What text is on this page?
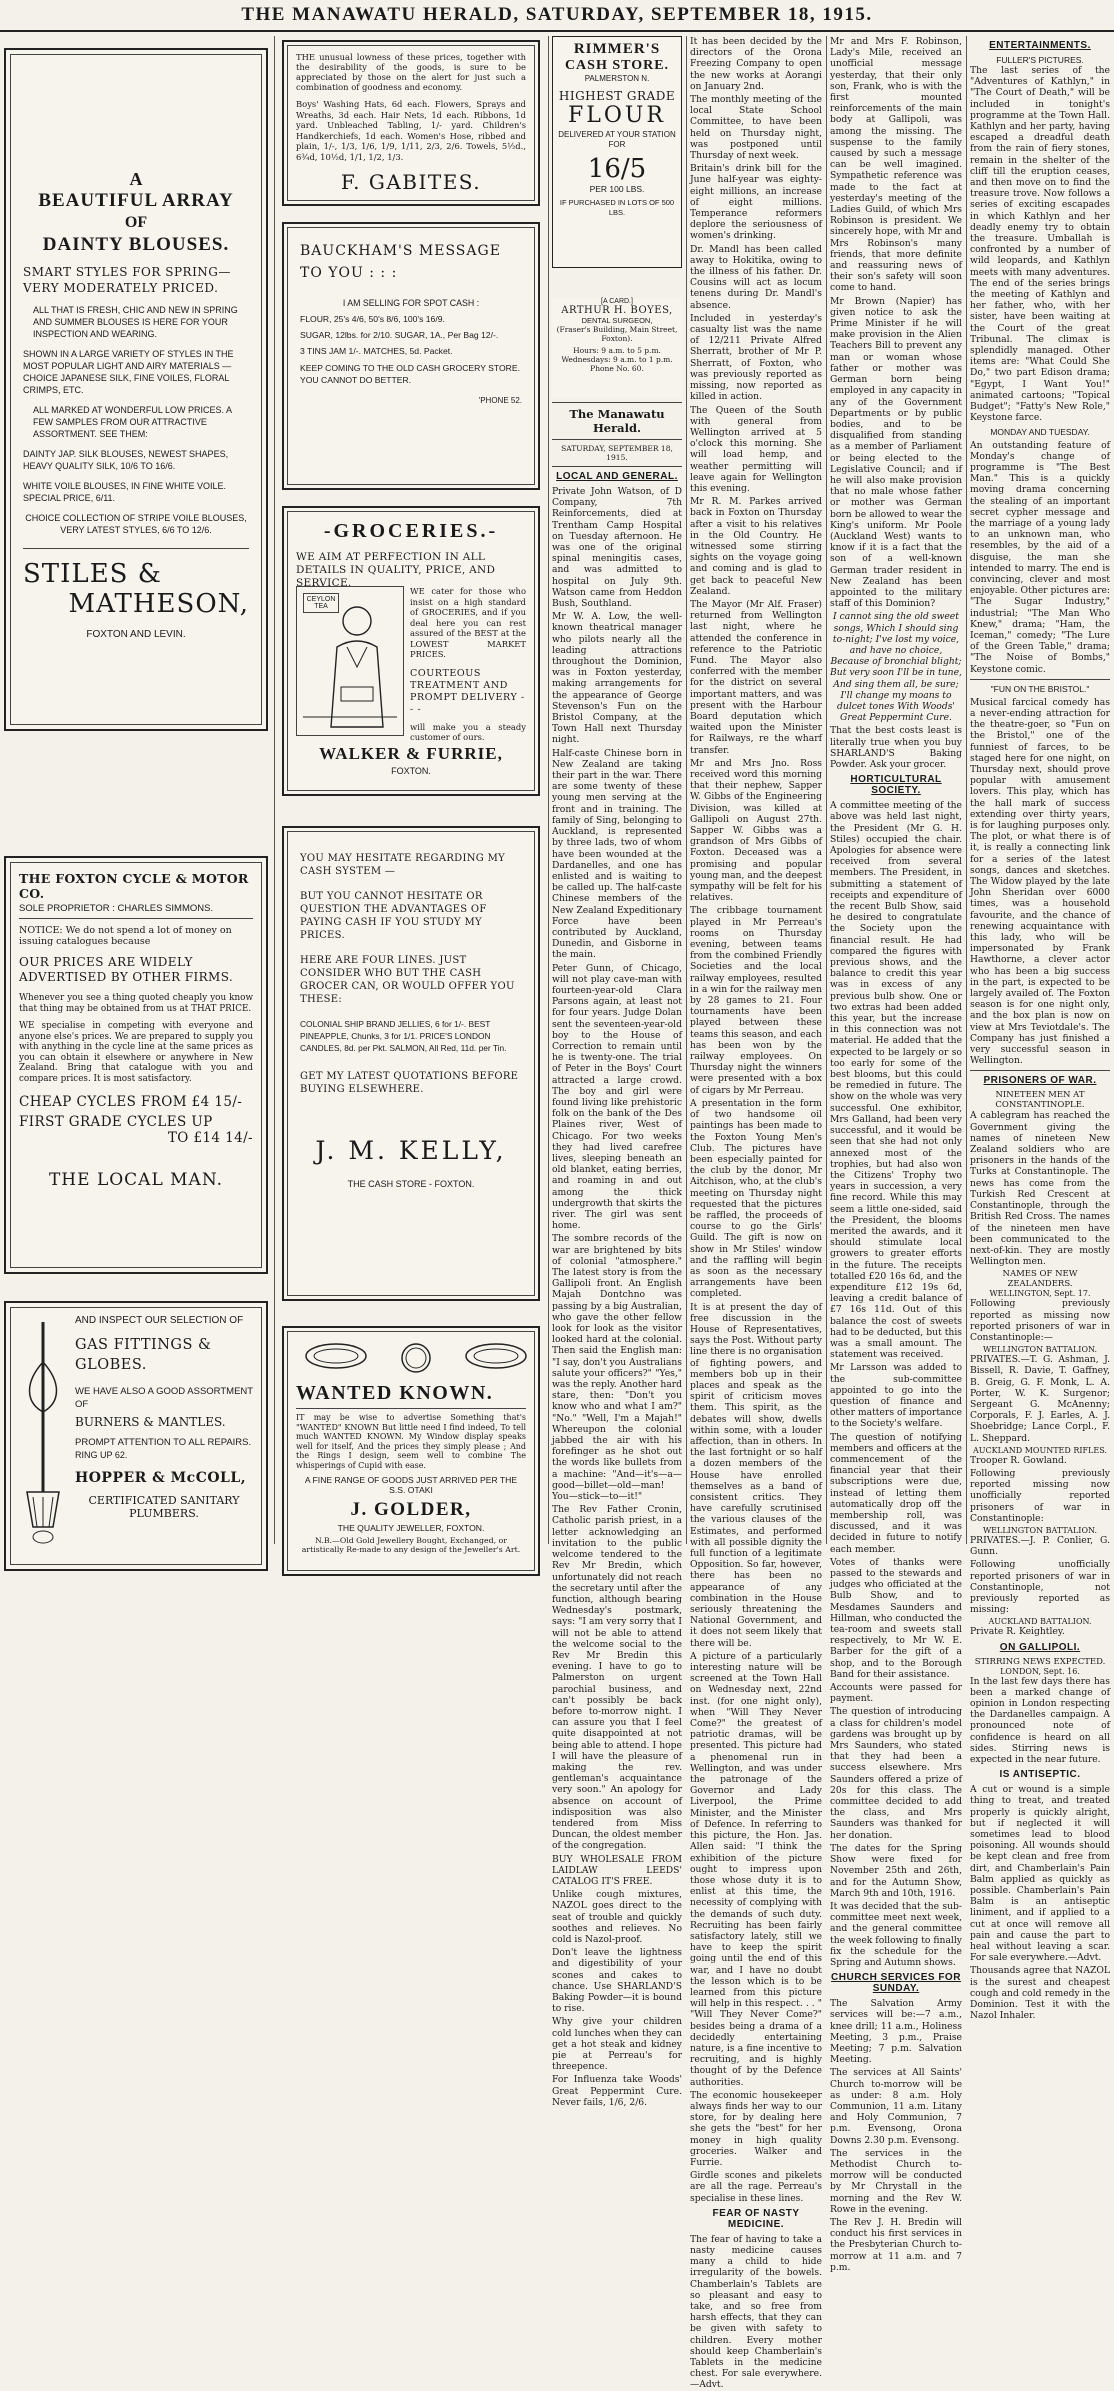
THE MANAWATU HERALD, SATURDAY, SEPTEMBER 18, 1915.
A
BEAUTIFUL ARRAY
OF
DAINTY BLOUSES.

SMART STYLES FOR SPRING— VERY MODERATELY PRICED.

ALL THAT IS FRESH, CHIC AND NEW IN SPRING AND SUMMER BLOUSES IS HERE FOR YOUR INSPECTION AND WEARING.

SHOWN IN A LARGE VARIETY OF STYLES IN THE MOST POPULAR LIGHT AND AIRY MATERIALS — CHOICE JAPANESE SILK, FINE VOILES, FLORAL CRIMPS, ETC.

ALL MARKED AT WONDERFUL LOW PRICES. A FEW SAMPLES FROM OUR ATTRACTIVE ASSORTMENT. SEE THEM:

DAINTY JAP. SILK BLOUSES, NEWEST SHAPES, HEAVY QUALITY SILK, 10/6 TO 16/6.

WHITE VOILE BLOUSES, IN FINE WHITE VOILE. SPECIAL PRICE, 6/11.

CHOICE COLLECTION OF STRIPE VOILE BLOUSES, VERY LATEST STYLES, 6/6 TO 12/6.

STILES &
MATHESON,
FOXTON AND LEVIN.
THE FOXTON CYCLE & MOTOR CO.
SOLE PROPRIETOR : CHARLES SIMMONS.

NOTICE: We do not spend a lot of money on issuing catalogues because

OUR PRICES ARE WIDELY ADVERTISED BY OTHER FIRMS.

Whenever you see a thing quoted cheaply you know that thing may be obtained from us at THAT PRICE.

WE specialise in competing with everyone and anyone else's prices. We are prepared to supply you with anything in the cycle line at the same prices as you can obtain it elsewhere or anywhere in New Zealand. Bring that catalogue with you and compare prices. It is most satisfactory.

CHEAP CYCLES FROM £4 15/-
FIRST GRADE CYCLES UP
TO £14 14/-
THE LOCAL MAN.
AND INSPECT OUR SELECTION OF
GAS FITTINGS & GLOBES.
WE HAVE ALSO A GOOD ASSORTMENT OF
BURNERS & MANTLES.
PROMPT ATTENTION TO ALL REPAIRS.
RING UP 62.
HOPPER & McCOLL,
CERTIFICATED SANITARY PLUMBERS.

THE unusual lowness of these prices, together with the desirability of the goods, is sure to be appreciated by those on the alert for just such a combination of goodness and economy.

Boys' Washing Hats, 6d each. Flowers, Sprays and Wreaths, 3d each. Hair Nets, 1d each. Ribbons, 1d yard. Unbleached Tabling, 1/- yard. Children's Handkerchiefs, 1d each. Women's Hose, ribbed and plain, 1/-, 1/3, 1/6, 1/9, 1/11, 2/3, 2/6. Towels, 5½d., 6¾d, 10½d, 1/1, 1/2, 1/3.

F. GABITES.
BAUCKHAM'S MESSAGE TO YOU : : :
I AM SELLING FOR SPOT CASH :
FLOUR, 25's 4/6, 50's 8/6, 100's 16/9.
SUGAR, 12lbs. for 2/10. SUGAR, 1A., Per Bag 12/-.
3 TINS JAM 1/-. MATCHES, 5d. Packet.
KEEP COMING TO THE OLD CASH GROCERY STORE. YOU CANNOT DO BETTER.
'PHONE 52.
-GROCERIES.-

WE AIM AT PERFECTION IN ALL DETAILS IN QUALITY, PRICE, AND SERVICE.

CEYLON TEA

WE cater for those who insist on a high standard of GROCERIES, and if you deal here you can rest assured of the BEST at the LOWEST MARKET PRICES.

COURTEOUS TREATMENT AND PROMPT DELIVERY - - -

will make you a steady customer of ours.

WALKER & FURRIE,
FOXTON.

YOU MAY HESITATE REGARDING MY CASH SYSTEM —

BUT YOU CANNOT HESITATE OR QUESTION THE ADVANTAGES OF PAYING CASH IF YOU STUDY MY PRICES.

HERE ARE FOUR LINES. JUST CONSIDER WHO BUT THE CASH GROCER CAN, OR WOULD OFFER YOU THESE:

COLONIAL SHIP BRAND JELLIES, 6 for 1/-. BEST PINEAPPLE, Chunks, 3 for 1/1. PRICE'S LONDON CANDLES, 8d. per Pkt. SALMON, All Red, 11d. per Tin.

GET MY LATEST QUOTATIONS BEFORE BUYING ELSEWHERE.

J. M. KELLY,
THE CASH STORE - FOXTON.
WANTED KNOWN.

IT may be wise to advertise Something that's "WANTED" KNOWN But little need I find indeed, To tell much WANTED KNOWN. My Window display speaks well for itself, And the prices they simply please ; And the Rings I design, seem well to combine The whisperings of Cupid with ease.

A FINE RANGE OF GOODS JUST ARRIVED PER THE S.S. OTAKI
J. GOLDER,
THE QUALITY JEWELLER, FOXTON.

N.B.—Old Gold Jewellery Bought, Exchanged, or artistically Re-made to any design of the Jeweller's Art.

RIMMER'S
CASH STORE.
PALMERSTON N.
HIGHEST GRADE
FLOUR
DELIVERED AT YOUR STATION FOR
16/5
PER 100 LBS.
IF PURCHASED IN LOTS OF 500 LBS.
[A CARD.]
ARTHUR H. BOYES,
DENTAL SURGEON,
(Fraser's Building, Main Street, Foxton).
Hours: 9 a.m. to 5 p.m. Wednesdays: 9 a.m. to 1 p.m.
Phone No. 60.
The Manawatu Herald.
SATURDAY, SEPTEMBER 18, 1915.
LOCAL AND GENERAL.

Private John Watson, of D Company, 7th Reinforcements, died at Trentham Camp Hospital on Tuesday afternoon. He was one of the original spinal meningitis cases, and was admitted to hospital on July 9th. Watson came from Heddon Bush, Southland.

Mr W. A. Low, the well-known theatrical manager who pilots nearly all the leading attractions throughout the Dominion, was in Foxton yesterday, making arrangements for the appearance of George Stevenson's Fun on the Bristol Company, at the Town Hall next Thursday night.

Half-caste Chinese born in New Zealand are taking their part in the war. There are some twenty of these young men serving at the front and in training. The family of Sing, belonging to Auckland, is represented by three lads, two of whom have been wounded at the Dardanelles, and one has enlisted and is waiting to be called up. The half-caste Chinese members of the New Zealand Expeditionary Force have been contributed by Auckland, Dunedin, and Gisborne in the main.

Peter Gunn, of Chicago, will not play cave-man with fourteen-year-old Clara Parsons again, at least not for four years. Judge Dolan sent the seventeen-year-old boy to the House of Correction to remain until he is twenty-one. The trial of Peter in the Boys' Court attracted a large crowd. The boy and girl were found living like prehistoric folk on the bank of the Des Plaines river, West of Chicago. For two weeks they had lived carefree lives, sleeping beneath an old blanket, eating berries, and roaming in and out among the thick undergrowth that skirts the river. The girl was sent home.

The sombre records of the war are brightened by bits of colonial "atmosphere." The latest story is from the Gallipoli front. An English Majah Dontchno was passing by a big Australian, who gave the other fellow look for look as the visitor looked hard at the colonial. Then said the English man: "I say, don't you Australians salute your officers?" "Yes," was the reply. Another hard stare, then: "Don't you know who and what I am?" "No." "Well, I'm a Majah!" Whereupon the colonial jabbed the air with his forefinger as he shot out the words like bullets from a machine: "And—it's—a—good—billet—old—man! You—stick—to—it!"

The Rev Father Cronin, Catholic parish priest, in a letter acknowledging an invitation to the public welcome tendered to the Rev Mr Bredin, which unfortunately did not reach the secretary until after the function, although bearing Wednesday's postmark, says: "I am very sorry that I will not be able to attend the welcome social to the Rev Mr Bredin this evening. I have to go to Palmerston on urgent parochial business, and can't possibly be back before to-morrow night. I can assure you that I feel quite disappointed at not being able to attend. I hope I will have the pleasure of making the rev. gentleman's acquaintance very soon." An apology for absence on account of indisposition was also tendered from Miss Duncan, the oldest member of the congregation.

BUY WHOLESALE FROM LAIDLAW LEEDS' CATALOG IT'S FREE.

Unlike cough mixtures, NAZOL goes direct to the seat of trouble and quickly soothes and relieves. No cold is Nazol-proof.

Don't leave the lightness and digestibility of your scones and cakes to chance. Use SHARLAND'S Baking Powder—it is bound to rise.

Why give your children cold lunches when they can get a hot steak and kidney pie at Perreau's for threepence.

For Influenza take Woods' Great Peppermint Cure. Never fails, 1/6, 2/6.

It has been decided by the directors of the Orona Freezing Company to open the new works at Aorangi on January 2nd.

The monthly meeting of the local State School Committee, to have been held on Thursday night, was postponed until Thursday of next week.

Britain's drink bill for the June half-year was eighty-eight millions, an increase of eight millions. Temperance reformers deplore the seriousness of women's drinking.

Dr. Mandl has been called away to Hokitika, owing to the illness of his father. Dr. Cousins will act as locum tenens during Dr. Mandl's absence.

Included in yesterday's casualty list was the name of 12/211 Private Alfred Sherratt, brother of Mr P. Sherratt, of Foxton, who was previously reported as missing, now reported as killed in action.

The Queen of the South with general from Wellington arrived at 5 o'clock this morning. She will load hemp, and weather permitting will leave again for Wellington this evening.

Mr R. M. Parkes arrived back in Foxton on Thursday after a visit to his relatives in the Old Country. He witnessed some stirring sights on the voyage going and coming and is glad to get back to peaceful New Zealand.

The Mayor (Mr Alf. Fraser) returned from Wellington last night, where he attended the conference in reference to the Patriotic Fund. The Mayor also conferred with the member for the district on several important matters, and was present with the Harbour Board deputation which waited upon the Minister for Railways, re the wharf transfer.

Mr and Mrs Jno. Ross received word this morning that their nephew, Sapper W. Gibbs of the Engineering Division, was killed at Gallipoli on August 27th. Sapper W. Gibbs was a grandson of Mrs Gibbs of Foxton. Deceased was a promising and popular young man, and the deepest sympathy will be felt for his relatives.

The cribbage tournament played in Mr Perreau's rooms on Thursday evening, between teams from the combined Friendly Societies and the local railway employees, resulted in a win for the railway men by 28 games to 21. Four tournaments have been played between these teams this season, and each has been won by the railway employees. On Thursday night the winners were presented with a box of cigars by Mr Perreau.

A presentation in the form of two handsome oil paintings has been made to the Foxton Young Men's Club. The pictures have been especially painted for the club by the donor, Mr Aitchison, who, at the club's meeting on Thursday night requested that the pictures be raffled, the proceeds of course to go the Girls' Guild. The gift is now on show in Mr Stiles' window and the raffling will begin as soon as the necessary arrangements have been completed.

It is at present the day of free discussion in the House of Representatives, says the Post. Without party line there is no organisation of fighting powers, and members bob up in their places and speak as the spirit of criticism moves them. This spirit, as the debates will show, dwells within some, with a louder affection, than in others. In the last fortnight or so half a dozen members of the House have enrolled themselves as a band of consistent critics. They have carefully scrutinised the various clauses of the Estimates, and performed with all possible dignity the full function of a legitimate Opposition. So far, however, there has been no appearance of any combination in the House seriously threatening the National Government, and it does not seem likely that there will be.

A picture of a particularly interesting nature will be screened at the Town Hall on Wednesday next, 22nd inst. (for one night only), when "Will They Never Come?" the greatest of patriotic dramas, will be presented. This picture had a phenomenal run in Wellington, and was under the patronage of the Governor and Lady Liverpool, the Prime Minister, and the Minister of Defence. In referring to this picture, the Hon. Jas. Allen said: "I think the exhibition of the picture ought to impress upon those whose duty it is to enlist at this time, the necessity of complying with the demands of such duty. Recruiting has been fairly satisfactory lately, still we have to keep the spirit going until the end of this war, and I have no doubt the lesson which is to be learned from this picture will help in this respect. . . " "Will They Never Come?" besides being a drama of a decidedly entertaining nature, is a fine incentive to recruiting, and is highly thought of by the Defence authorities.

The economic housekeeper always finds her way to our store, for by dealing here she gets the "best" for her money in high quality groceries. Walker and Furrie.

Girdle scones and pikelets are all the rage. Perreau's specialise in these lines.

FEAR OF NASTY MEDICINE.

The fear of having to take a nasty medicine causes many a child to hide irregularity of the bowels. Chamberlain's Tablets are so pleasant and easy to take, and so free from harsh effects, that they can be given with safety to children. Every mother should keep Chamberlain's Tablets in the medicine chest. For sale everywhere.—Advt.

Mr and Mrs F. Robinson, Lady's Mile, received an unofficial message yesterday, that their only son, Frank, who is with the first mounted reinforcements of the main body at Gallipoli, was among the missing. The suspense to the family caused by such a message can be well imagined. Sympathetic reference was made to the fact at yesterday's meeting of the Ladies Guild, of which Mrs Robinson is president. We sincerely hope, with Mr and Mrs Robinson's many friends, that more definite and reassuring news of their son's safety will soon come to hand.

Mr Brown (Napier) has given notice to ask the Prime Minister if he will make provision in the Alien Teachers Bill to prevent any man or woman whose father or mother was German born being employed in any capacity in any of the Government Departments or by public bodies, and to be disqualified from standing as a member of Parliament or being elected to the Legislative Council; and if he will also make provision that no male whose father or mother was German born be allowed to wear the King's uniform. Mr Poole (Auckland West) wants to know if it is a fact that the son of a well-known German trader resident in New Zealand has been appointed to the military staff of this Dominion?

I cannot sing the old sweet songs, Which I should sing to-night; I've lost my voice, and have no choice, Because of bronchial blight; But very soon I'll be in tune, And sing them all, be sure; I'll change my moans to dulcet tones With Woods' Great Peppermint Cure.

That the best costs least is literally true when you buy SHARLAND'S Baking Powder. Ask your grocer.

HORTICULTURAL SOCIETY.

A committee meeting of the above was held last night, the President (Mr G. H. Stiles) occupied the chair. Apologies for absence were received from several members. The President, in submitting a statement of receipts and expenditure of the recent Bulb Show, said he desired to congratulate the Society upon the financial result. He had compared the figures with previous shows, and the balance to credit this year was in excess of any previous bulb show. One or two extras had been added this year, but the increase in this connection was not material. He added that the expected to be largely or so too early for some of the best blooms, but this could be remedied in future. The show on the whole was very successful. One exhibitor, Mrs Galland, had been very successful, and it would be seen that she had not only annexed most of the trophies, but had also won the Citizens' Trophy two years in succession, a very fine record. While this may seem a little one-sided, said the President, the blooms merited the awards, and it should stimulate local growers to greater efforts in the future. The receipts totalled £20 16s 6d, and the expenditure £12 19s 6d, leaving a credit balance of £7 16s 11d. Out of this balance the cost of sweets had to be deducted, but this was a small amount. The statement was received.

Mr Larsson was added to the sub-committee appointed to go into the question of finance and other matters of importance to the Society's welfare.

The question of notifying members and officers at the commencement of the financial year that their subscriptions were due, instead of letting them automatically drop off the membership roll, was discussed, and it was decided in future to notify each member.

Votes of thanks were passed to the stewards and judges who officiated at the Bulb Show, and to Mesdames Saunders and Hillman, who conducted the tea-room and sweets stall respectively, to Mr W. E. Barber for the gift of a shop, and to the Borough Band for their assistance.

Accounts were passed for payment.

The question of introducing a class for children's model gardens was brought up by Mrs Saunders, who stated that they had been a success elsewhere. Mrs Saunders offered a prize of 20s for this class. The committee decided to add the class, and Mrs Saunders was thanked for her donation.

The dates for the Spring Show were fixed for November 25th and 26th, and for the Autumn Show, March 9th and 10th, 1916.

It was decided that the sub-committee meet next week, and the general committee the week following to finally fix the schedule for the Spring and Autumn shows.

CHURCH SERVICES FOR SUNDAY.

The Salvation Army services will be:—7 a.m., knee drill; 11 a.m., Holiness Meeting, 3 p.m., Praise Meeting; 7 p.m. Salvation Meeting.

The services at All Saints' Church to-morrow will be as under: 8 a.m. Holy Communion, 11 a.m. Litany and Holy Communion, 7 p.m. Evensong, Orona Downs 2.30 p.m. Evensong.

The services in the Methodist Church to-morrow will be conducted by Mr Chrystall in the morning and the Rev W. Rowe in the evening.

The Rev J. H. Bredin will conduct his first services in the Presbyterian Church to-morrow at 11 a.m. and 7 p.m.

ENTERTAINMENTS.
FULLER'S PICTURES.

The last series of the "Adventures of Kathlyn," in "The Court of Death," will be included in tonight's programme at the Town Hall. Kathlyn and her party, having escaped a dreadful death from the rain of fiery stones, remain in the shelter of the cliff till the eruption ceases, and then move on to find the treasure trove. Now follows a series of exciting escapades in which Kathlyn and her deadly enemy try to obtain the treasure. Umballah is confronted by a number of wild leopards, and Kathlyn meets with many adventures. The end of the series brings the meeting of Kathlyn and her father, who, with her sister, have been waiting at the Court of the great Tribunal. The climax is splendidly managed. Other items are: "What Could She Do," two part Edison drama; "Egypt, I Want You!" animated cartoons; "Topical Budget"; "Fatty's New Role," Keystone farce.

MONDAY AND TUESDAY.

An outstanding feature of Monday's change of programme is "The Best Man." This is a quickly moving drama concerning the stealing of an important secret cypher message and the marriage of a young lady to an unknown man, who resembles, by the aid of a disguise, the man she intended to marry. The end is convincing, clever and most enjoyable. Other pictures are: "The Sugar Industry," industrial; "The Man Who Knew," drama; "Ham, the Iceman," comedy; "The Lure of the Green Table," drama; "The Noise of Bombs," Keystone comic.

"FUN ON THE BRISTOL."

Musical farcical comedy has a never-ending attraction for the theatre-goer, so "Fun on the Bristol," one of the funniest of farces, to be staged here for one night, on Thursday next, should prove popular with amusement lovers. This play, which has the hall mark of success extending over thirty years, is for laughing purposes only. The plot, or what there is of it, is really a connecting link for a series of the latest songs, dances and sketches. The Widow played by the late John Sheridan over 6000 times, was a household favourite, and the chance of renewing acquaintance with this lady, who will be impersonated by Frank Hawthorne, a clever actor who has been a big success in the part, is expected to be largely availed of. The Foxton season is for one night only, and the box plan is now on view at Mrs Teviotdale's. The Company has just finished a very successful season in Wellington.

PRISONERS OF WAR.
NINETEEN MEN AT CONSTANTINOPLE.

A cablegram has reached the Government giving the names of nineteen New Zealand soldiers who are prisoners in the hands of the Turks at Constantinople. The news has come from the Turkish Red Crescent at Constantinople, through the British Red Cross. The names of the nineteen men have been communicated to the next-of-kin. They are mostly Wellington men.

NAMES OF NEW ZEALANDERS.
WELLINGTON, Sept. 17.

Following previously reported as missing now reported prisoners of war in Constantinople:—

WELLINGTON BATTALION.

PRIVATES.—T. G. Ashman, J. Bissell, R. Davie, T. Gaffney, B. Greig, G. F. Monk, L. A. Porter, W. K. Surgenor; Sergeant G. McAnenny; Corporals, F. J. Earles, A. J. Shoebridge; Lance Corpl., F. L. Sheppard.

AUCKLAND MOUNTED RIFLES.

Trooper R. Gowland.

Following previously reported missing now unofficially reported prisoners of war in Constantinople:

WELLINGTON BATTALION.

PRIVATES.—J. P. Conlier, G. Gunn.

Following unofficially reported prisoners of war in Constantinople, not previously reported as missing:

AUCKLAND BATTALION.

Private R. Keightley.

ON GALLIPOLI.
STIRRING NEWS EXPECTED.
LONDON, Sept. 16.

In the last few days there has been a marked change of opinion in London respecting the Dardanelles campaign. A pronounced note of confidence is heard on all sides. Stirring news is expected in the near future.

IS ANTISEPTIC.

A cut or wound is a simple thing to treat, and treated properly is quickly alright, but if neglected it will sometimes lead to blood poisoning. All wounds should be kept clean and free from dirt, and Chamberlain's Pain Balm applied as quickly as possible. Chamberlain's Pain Balm is an antiseptic liniment, and if applied to a cut at once will remove all pain and cause the part to heal without leaving a scar. For sale everywhere.—Advt.

Thousands agree that NAZOL is the surest and cheapest cough and cold remedy in the Dominion. Test it with the Nazol Inhaler.
